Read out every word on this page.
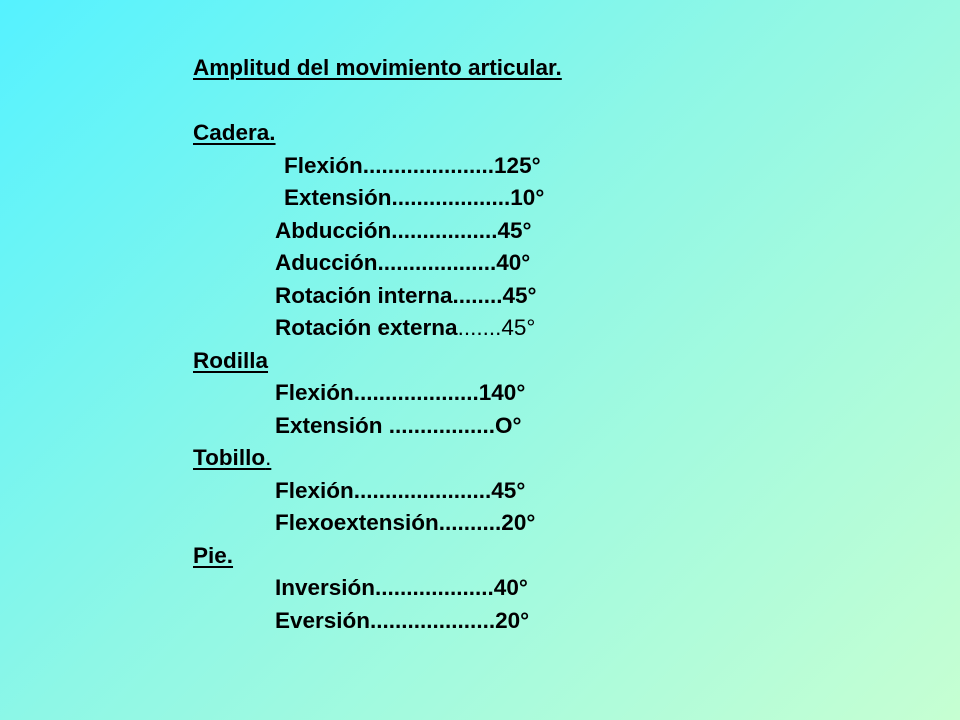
Amplitud del movimiento articular.
Cadera.
Flexión.....................125°
Extensión...................10°
Abducción.................45°
Aducción...................40°
Rotación interna........45°
Rotación externa.......45°
Rodilla
Flexión....................140°
Extensión .................O°
Tobillo.
Flexión......................45°
Flexoextensión..........20°
Pie.
Inversión...................40°
Eversión....................20°
